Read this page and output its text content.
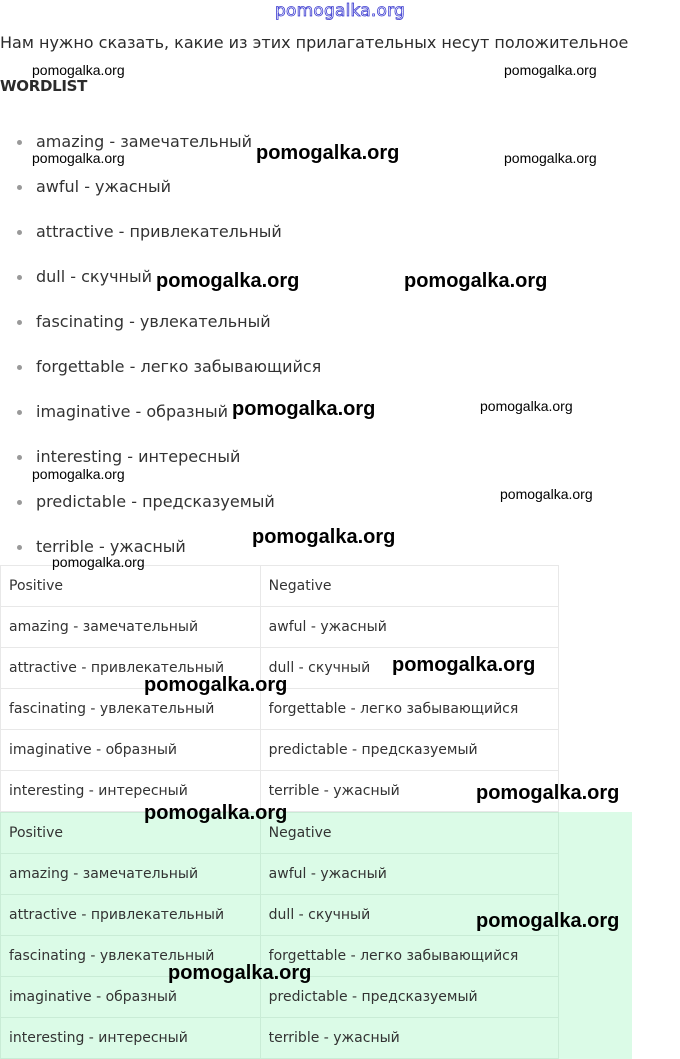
pomogalka.org
Нам нужно сказать, какие из этих прилагательных несут положительное
WORDLIST
amazing - замечательный
awful - ужасный
attractive - привлекательный
dull - скучный
fascinating - увлекательный
forgettable - легко забывающийся
imaginative - образный
interesting - интересный
predictable - предсказуемый
terrible - ужасный
Positive	Negative
amazing - замечательный	awful - ужасный
attractive - привлекательный	dull - скучный
fascinating - увлекательный	forgettable - легко забывающийся
imaginative - образный	predictable - предсказуемый
interesting - интересный	terrible - ужасный
Positive	Negative
amazing - замечательный	awful - ужасный
attractive - привлекательный	dull - скучный
fascinating - увлекательный	forgettable - легко забывающийся
imaginative - образный	predictable - предсказуемый
interesting - интересный	terrible - ужасный
pomogalka.org	pomogalka.org
pomogalka.org	pomogalka.org	pomogalka.org
pomogalka.org	pomogalka.org
pomogalka.org	pomogalka.org
pomogalka.org
pomogalka.org
pomogalka.org
pomogalka.org
pomogalka.org
pomogalka.org
pomogalka.org
pomogalka.org
pomogalka.org
pomogalka.org
